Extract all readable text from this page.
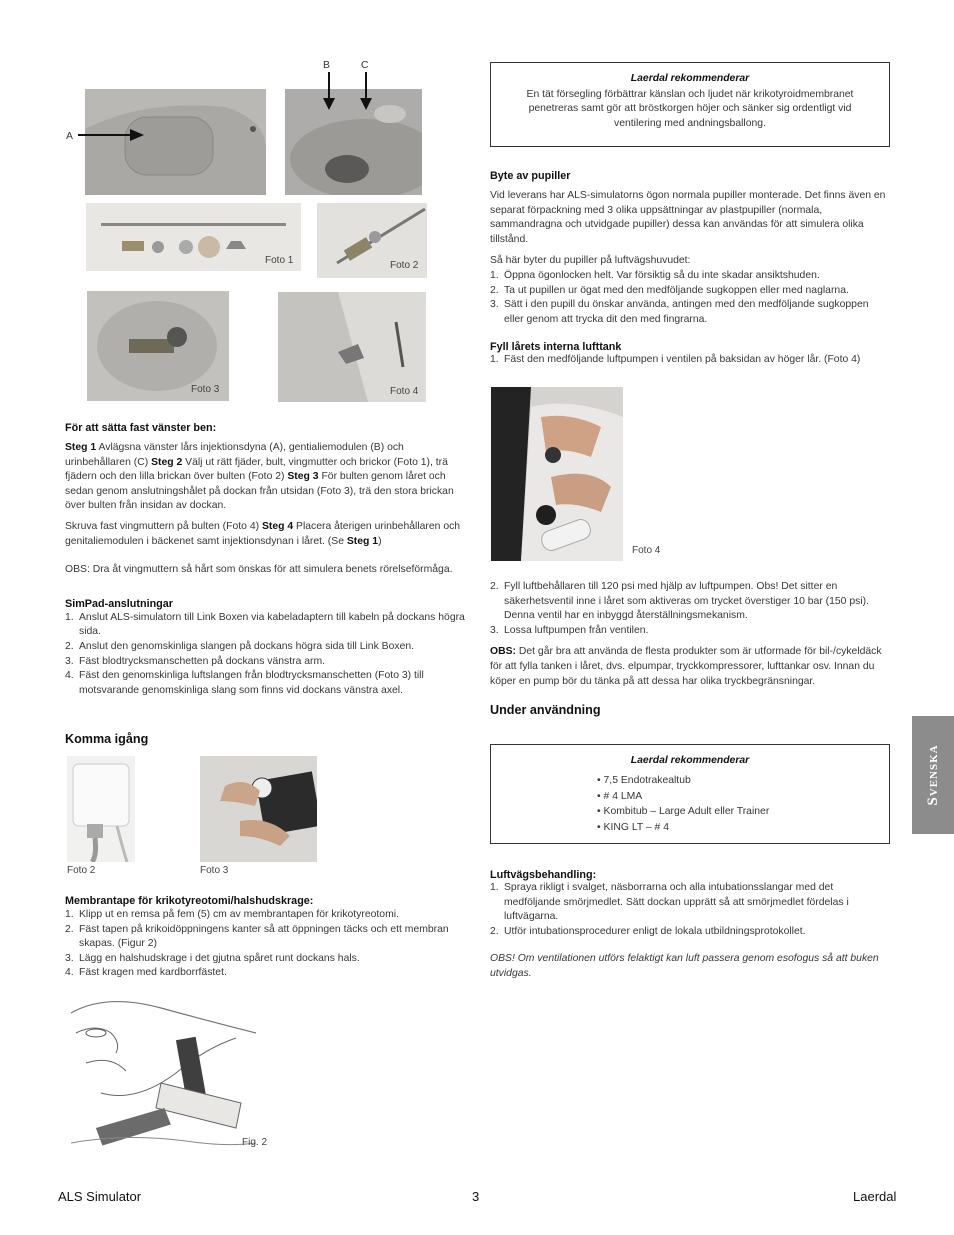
B	C
A
Foto 1	Foto 2
Foto 3	Foto 4

För att sätta fast vänster ben:

Steg 1 Avlägsna vänster lårs injektionsdyna (A), gentialiemodulen (B) och urinbehållaren (C) Steg 2 Välj ut rätt fjäder, bult, vingmutter och brickor (Foto 1), trä fjädern och den lilla brickan över bulten (Foto 2) Steg 3 För bulten genom låret och sedan genom anslutningshålet på dockan från utsidan (Foto 3), trä den stora brickan över bulten från insidan av dockan.

Skruva fast vingmuttern på bulten (Foto 4) Steg 4 Placera återigen urinbehållaren och genitaliemodulen i bäckenet samt injektionsdynan i låret. (Se Steg 1)

OBS: Dra åt vingmuttern så hårt som önskas för att simulera benets rörelseförmåga.

SimPad-anslutningar

1. Anslut ALS-simulatorn till Link Boxen via kabeladaptern till kabeln på dockans högra sida.
2. Anslut den genomskinliga slangen på dockans högra sida till Link Boxen.
3. Fäst blodtrycksmanschetten på dockans vänstra arm.
4. Fäst den genomskinliga luftslangen från blodtrycksmanschetten (Foto 3) till motsvarande genomskinliga slang som finns vid dockans vänstra axel.

Komma igång

Foto 2	Foto 3

Membrantape för krikotyreotomi/halshudskrage:

1. Klipp ut en remsa på fem (5) cm av membrantapen för krikotyreotomi.
2. Fäst tapen på krikoidöppningens kanter så att öppningen täcks och ett membran skapas. (Figur 2)
3. Lägg en halshudskrage i det gjutna spåret runt dockans hals.
4. Fäst kragen med kardborrfästet.
Fig. 2

Laerdal rekommenderar

En tät försegling förbättrar känslan och ljudet när krikotyroidmembranet penetreras samt gör att bröstkorgen höjer och sänker sig ordentligt vid ventilering med andningsballong.

Byte av pupiller

Vid leverans har ALS-simulatorns ögon normala pupiller monterade. Det finns även en separat förpackning med 3 olika uppsättningar av plastpupiller (normala, sammandragna och utvidgade pupiller) dessa kan användas för att simulera olika tillstånd.

Så här byter du pupiller på luftvägshuvudet:

1. Öppna ögonlocken helt. Var försiktig så du inte skadar ansiktshuden.
2. Ta ut pupillen ur ögat med den medföljande sugkoppen eller med naglarna.
3. Sätt i den pupill du önskar använda, antingen med den medföljande sugkoppen eller genom att trycka dit den med fingrarna.

Fyll lårets interna lufttank

1. Fäst den medföljande luftpumpen i ventilen på baksidan av höger lår. (Foto 4)
Foto 4
2. Fyll luftbehållaren till 120 psi med hjälp av luftpumpen. Obs! Det sitter en säkerhetsventil inne i låret som aktiveras om trycket överstiger 10 bar (150 psi). Denna ventil har en inbyggd återställningsmekanism.
3. Lossa luftpumpen från ventilen.

OBS: Det går bra att använda de flesta produkter som är utformade för bil-/cykeldäck för att fylla tanken i låret, dvs. elpumpar, tryckkompressorer, lufttankar osv. Innan du köper en pump bör du tänka på att dessa har olika tryckbegränsningar.

Under användning

Laerdal rekommenderar

• 7,5 Endotrakealtub

• # 4 LMA

• Kombitub – Large Adult eller Trainer

• KING LT – # 4

Luftvägsbehandling:

1. Spraya rikligt i svalget, näsborrarna och alla intubationsslangar med det medföljande smörjmedlet. Sätt dockan upprätt så att smörjmedlet fördelas i luftvägarna.
2. Utför intubationsprocedurer enligt de lokala utbildningsprotokollet.

OBS! Om ventilationen utförs felaktigt kan luft passera genom esofogus så att buken utvidgas.

SVENSKA
ALS Simulator	3	Laerdal
